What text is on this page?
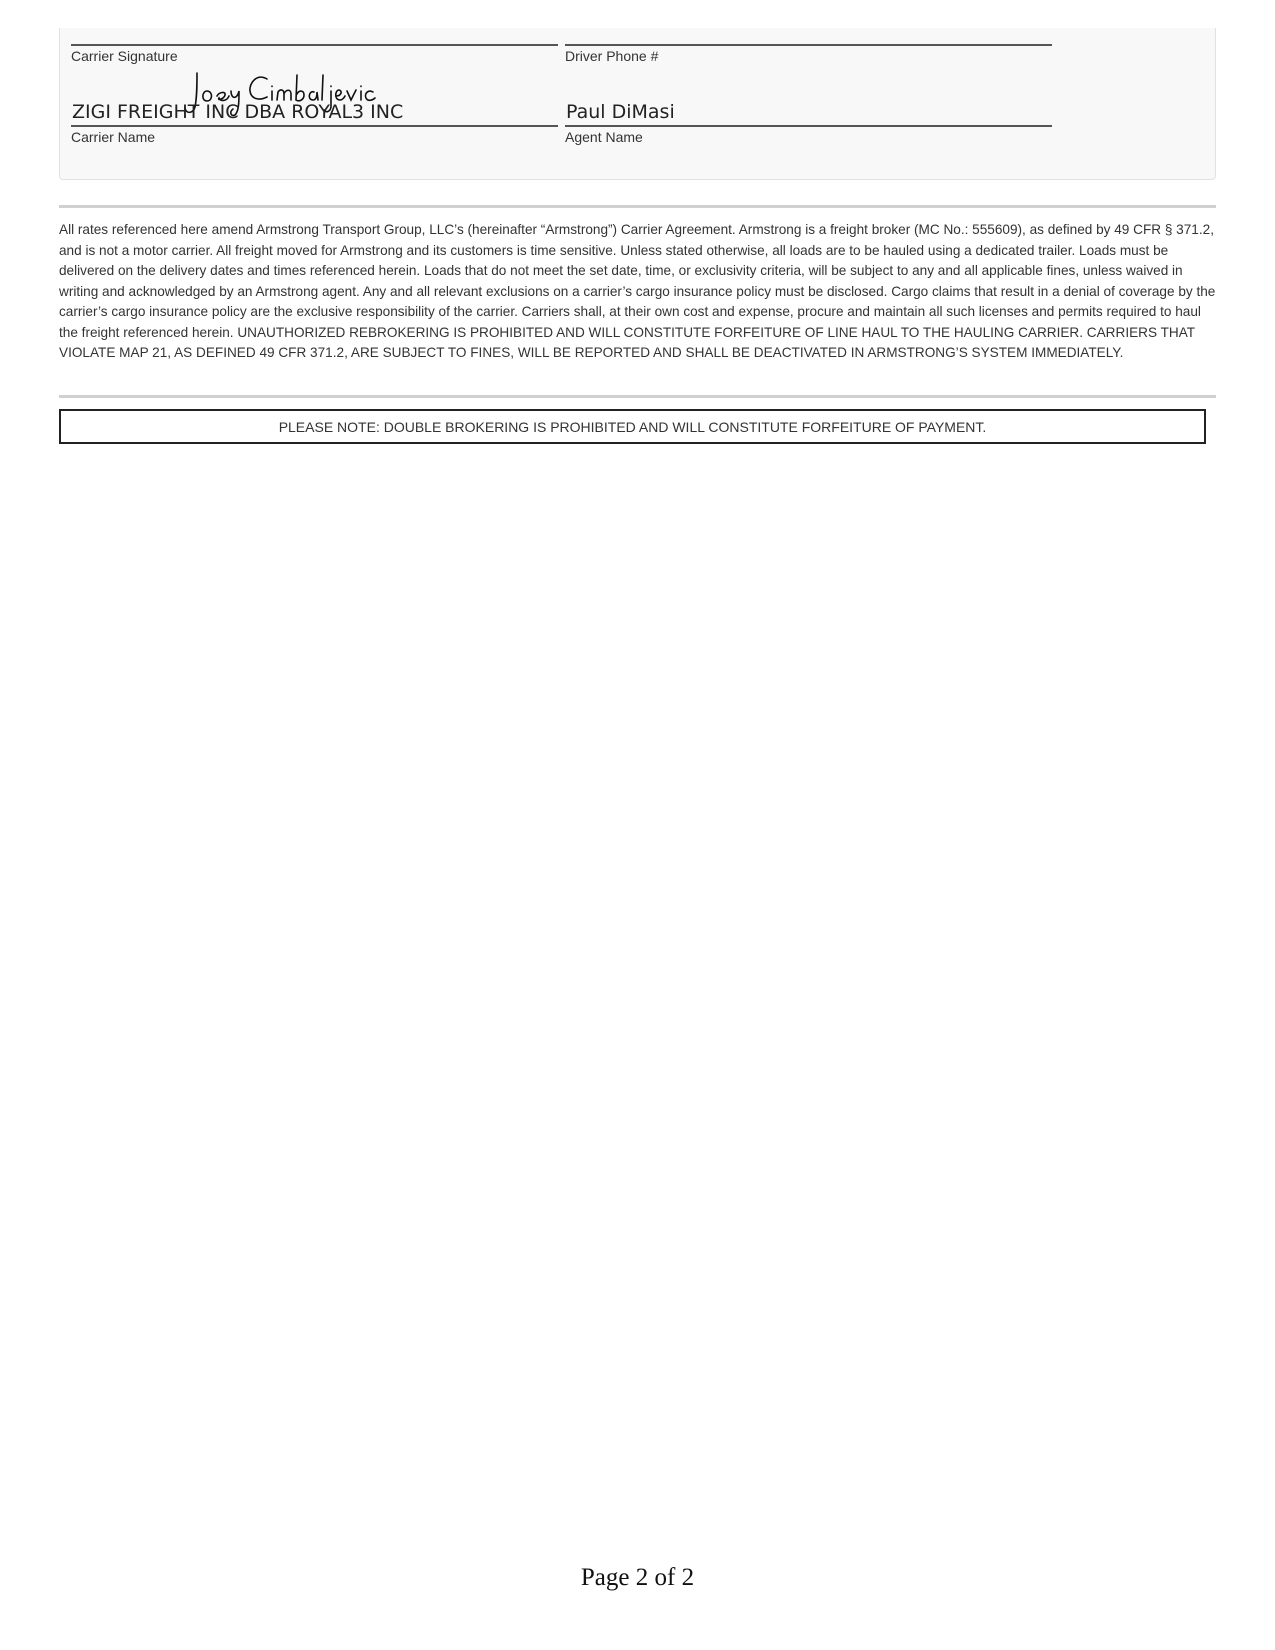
Carrier Signature	Driver Phone #
ZIGI FREIGHT INC DBA ROYAL3 INC
Carrier Name
Paul DiMasi
Agent Name

All rates referenced here amend Armstrong Transport Group, LLC’s (hereinafter “Armstrong”) Carrier Agreement. Armstrong is a freight broker (MC No.: 555609), as defined by 49 CFR § 371.2, and is not a motor carrier. All freight moved for Armstrong and its customers is time sensitive. Unless stated otherwise, all loads are to be hauled using a dedicated trailer. Loads must be delivered on the delivery dates and times referenced herein. Loads that do not meet the set date, time, or exclusivity criteria, will be subject to any and all applicable fines, unless waived in writing and acknowledged by an Armstrong agent. Any and all relevant exclusions on a carrier’s cargo insurance policy must be disclosed. Cargo claims that result in a denial of coverage by the carrier’s cargo insurance policy are the exclusive responsibility of the carrier. Carriers shall, at their own cost and expense, procure and maintain all such licenses and permits required to haul the freight referenced herein. UNAUTHORIZED REBROKERING IS PROHIBITED AND WILL CONSTITUTE FORFEITURE OF LINE HAUL TO THE HAULING CARRIER. CARRIERS THAT VIOLATE MAP 21, AS DEFINED 49 CFR 371.2, ARE SUBJECT TO FINES, WILL BE REPORTED AND SHALL BE DEACTIVATED IN ARMSTRONG’S SYSTEM IMMEDIATELY.

PLEASE NOTE: DOUBLE BROKERING IS PROHIBITED AND WILL CONSTITUTE FORFEITURE OF PAYMENT.
Page 2 of 2
